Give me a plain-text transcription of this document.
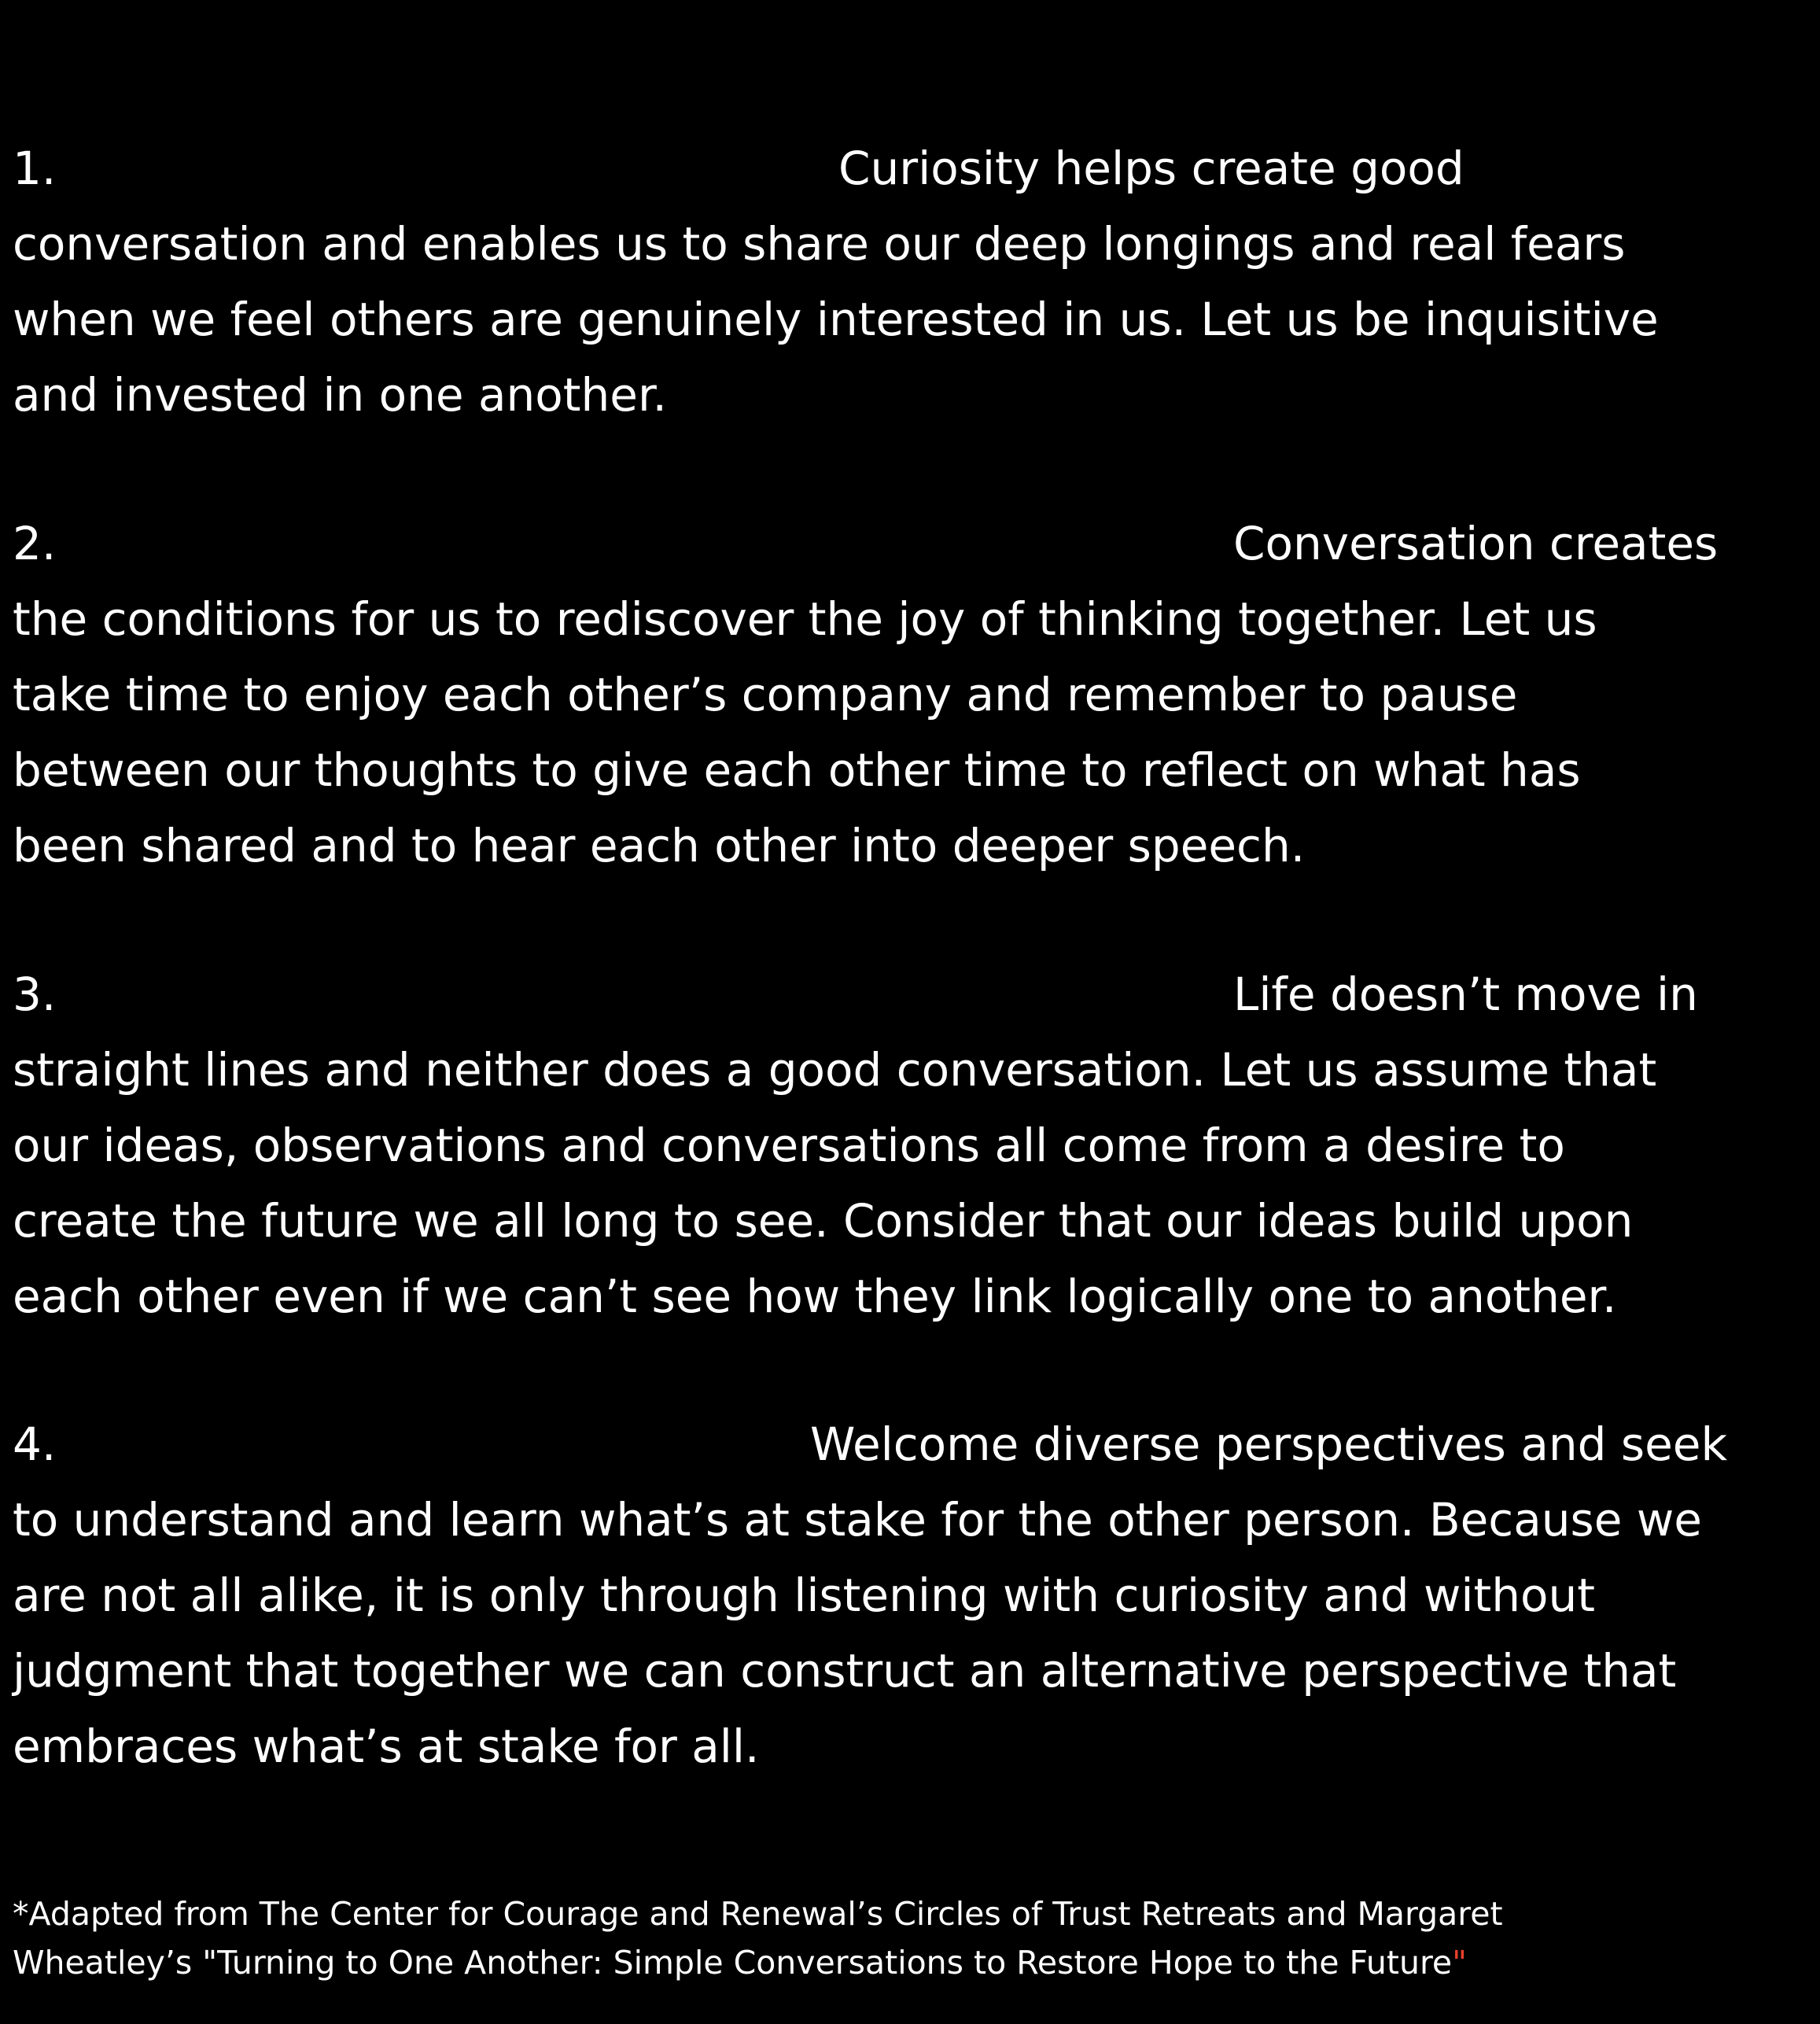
1.	Curiosity helps create good

conversation and enables us to share our deep longings and real fears

when we feel others are genuinely interested in us. Let us be inquisitive

and invested in one another.

2.	Conversation creates

the conditions for us to rediscover the joy of thinking together. Let us

take time to enjoy each other’s company and remember to pause

between our thoughts to give each other time to reflect on what has

been shared and to hear each other into deeper speech.

3.	Life doesn’t move in

straight lines and neither does a good conversation. Let us assume that

our ideas, observations and conversations all come from a desire to

create the future we all long to see. Consider that our ideas build upon

each other even if we can’t see how they link logically one to another.

4.	Welcome diverse perspectives and seek

to understand and learn what’s at stake for the other person. Because we

are not all alike, it is only through listening with curiosity and without

judgment that together we can construct an alternative perspective that

embraces what’s at stake for all.

*Adapted from The Center for Courage and Renewal’s Circles of Trust Retreats and Margaret

Wheatley’s "Turning to One Another: Simple Conversations to Restore Hope to the Future"
